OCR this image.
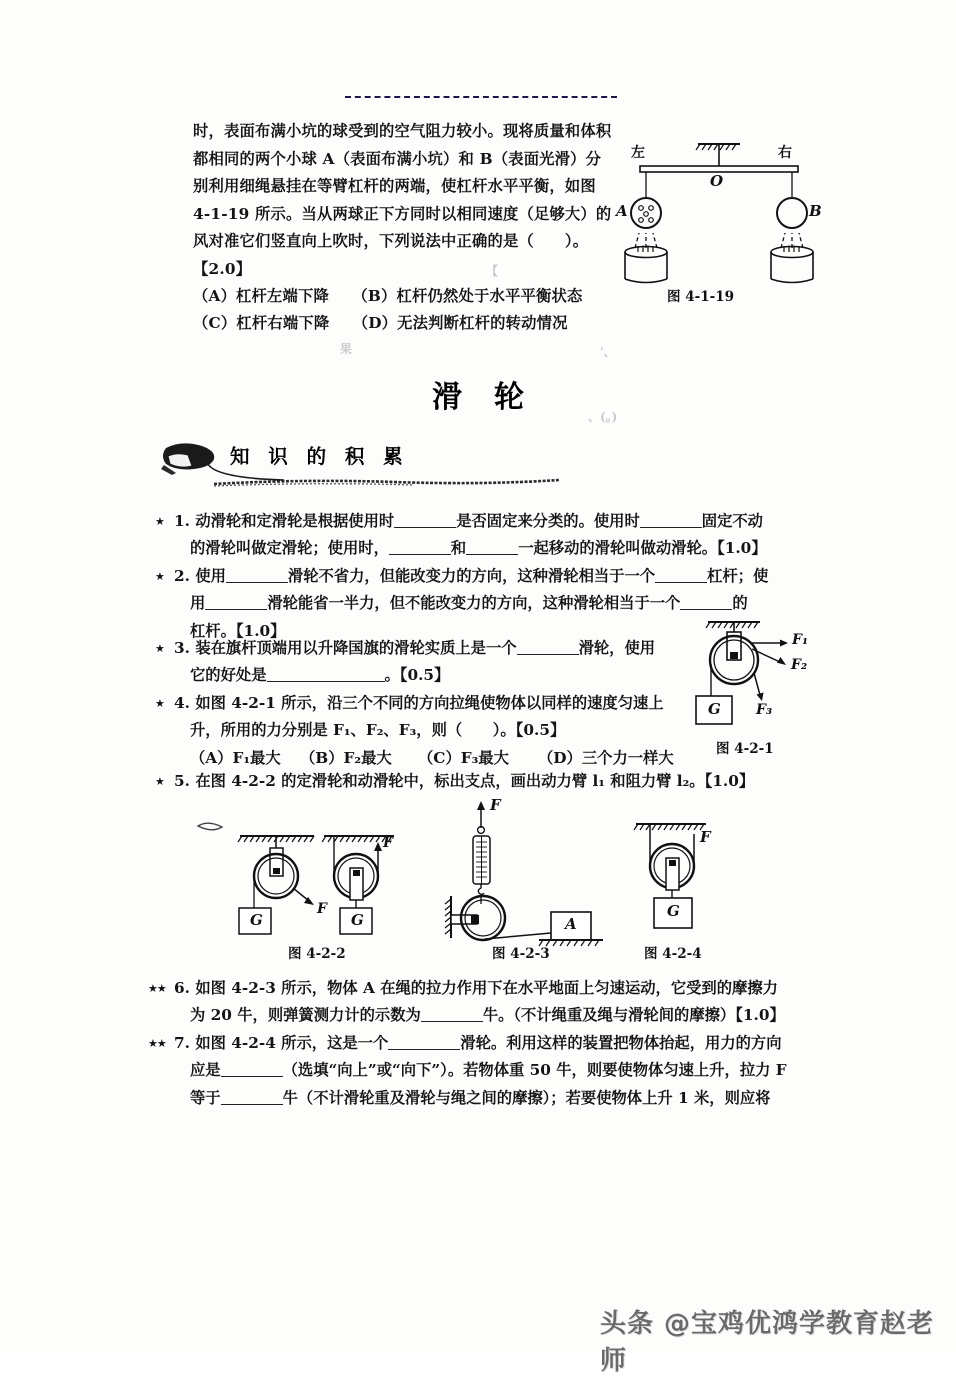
时，表面布满小坑的球受到的空气阻力较小。现将质量和体积都相同的两个小球 A（表面布满小坑）和 B（表面光滑）分别利用细绳悬挂在等臂杠杆的两端，使杠杆水平平衡，如图 4-1-19 所示。当从两球正下方同时以相同速度（足够大）的风对准它们竖直向上吹时，下列说法中正确的是（　　）。【2.0】
（A）杠杆左端下降　　（B）杠杆仍然处于水平平衡状态
（C）杠杆右端下降　　（D）无法判断杠杆的转动情况
【
果	'、
、(。)
左	右
O
A	B
图 4-1-19
滑轮
知 识 的 积 累
★ 1. 动滑轮和定滑轮是根据使用时	是否固定来分类的。使用时	固定不动
的滑轮叫做定滑轮；使用时，	和	一起移动的滑轮叫做动滑轮。【1.0】
★ 2. 使用	滑轮不省力，但能改变力的方向，这种滑轮相当于一个	杠杆；使
用	滑轮能省一半力，但不能改变力的方向，这种滑轮相当于一个	的
杠杆。【1.0】
★ 3. 装在旗杆顶端用以升降国旗的滑轮实质上是一个	滑轮，使用
它的好处是	。【0.5】
★ 4. 如图 4-2-1 所示，沿三个不同的方向拉绳使物体以同样的速度匀速上
升，所用的力分别是 F₁、F₂、F₃，则（　　）。【0.5】
（A）F₁最大 （B）F₂最大 （C）F₃最大 （D）三个力一样大
F₁
F₂
F₃
G
图 4-2-1
★ 5. 在图 4-2-2 的定滑轮和动滑轮中，标出支点，画出动力臂 l₁ 和阻力臂 l₂。【1.0】
F
F
G	G
图 4-2-2
F
A
图 4-2-3
F
G
图 4-2-4
★★ 6. 如图 4-2-3 所示，物体 A 在绳的拉力作用下在水平地面上匀速运动，它受到的摩擦力
为 20 牛，则弹簧测力计的示数为	牛。（不计绳重及绳与滑轮间的摩擦）【1.0】
★★ 7. 如图 4-2-4 所示，这是一个	滑轮。利用这样的装置把物体抬起，用力的方向
应是	（选填“向上”或“向下”）。若物体重 50 牛，则要使物体匀速上升，拉力 F
等于	牛（不计滑轮重及滑轮与绳之间的摩擦）；若要使物体上升 1 米，则应将
头条 @宝鸡优鸿学教育赵老师
